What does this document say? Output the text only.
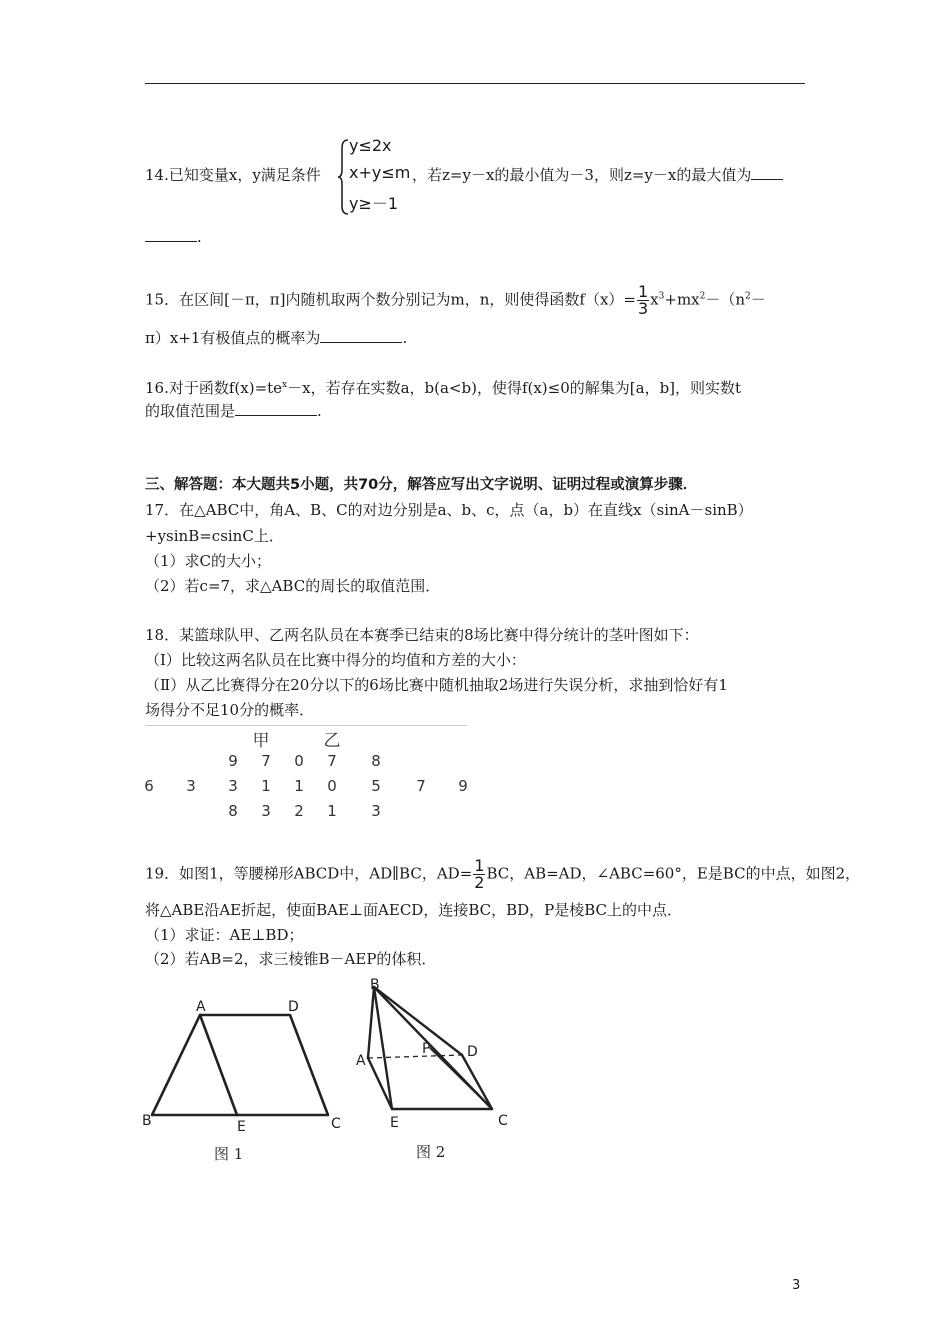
14.已知变量x，y满足条件
y≤2x
x+y≤m
y≥－1
，若z=y－x的最小值为－3，则z=y－x的最大值为
.
15．在区间[－π，π]内随机取两个数分别记为m，n，则使得函数$f(x)= \frac{1}{3} x^3+mx^2-(n^2-$
π）x+1有极值点的概率为	.
16.对于函数$f(x)=te^x-x$，若存在实数a，b(a<b)，使得f(x)≤0的解集为[a，b]，则实数t
的取值范围是	.
三、解答题：本大题共5小题，共70分，解答应写出文字说明、证明过程或演算步骤．
17．在△ABC中，角A、B、C的对边分别是a、b、c，点（a，b）在直线x（sinA－sinB）
+ysinB=csinC上．
（1）求C的大小；
（2）若c=7，求△ABC的周长的取值范围．
18．某篮球队甲、乙两名队员在本赛季已结束的8场比赛中得分统计的茎叶图如下：
（Ⅰ）比较这两名队员在比赛中得分的均值和方差的大小：
（Ⅱ）从乙比赛得分在20分以下的6场比赛中随机抽取2场进行失误分析，求抽到恰好有1
场得分不足10分的概率．
甲	乙
9	7	0	7	8
6	3	3	1	1	0	5	7	9
8	3	2	1	3
19．如图1，等腰梯形ABCD中，AD∥BC，$AD= \frac{1}{2}$ BC，AB=AD，∠ABC=60°，E是BC的中点，如图2，
将△ABE沿AE折起，使面BAE⊥面AECD，连接BC，BD，P是棱BC上的中点．
（1）求证：AE⊥BD；
（2）若AB=2，求三棱锥B－AEP的体积．
A	D
B	E	C
图 1
B
A
P	D
E	C
图 2
3
